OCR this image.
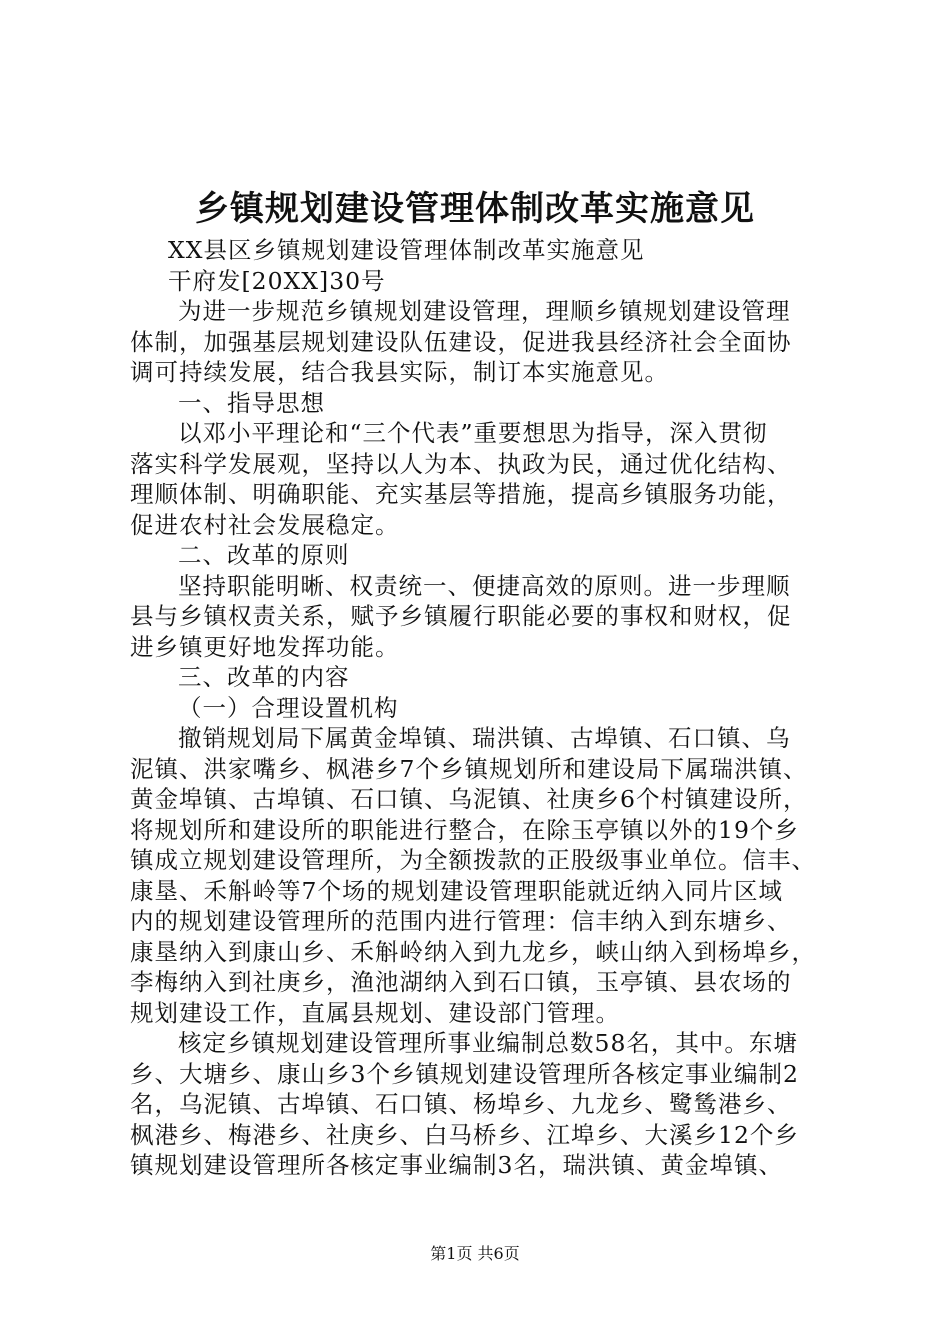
乡镇规划建设管理体制改革实施意见
XX县区乡镇规划建设管理体制改革实施意见
干府发[20XX]30号
为进一步规范乡镇规划建设管理，理顺乡镇规划建设管理
体制，加强基层规划建设队伍建设，促进我县经济社会全面协
调可持续发展，结合我县实际，制订本实施意见。
一、指导思想
以邓小平理论和“三个代表”重要想思为指导，深入贯彻
落实科学发展观，坚持以人为本、执政为民，通过优化结构、
理顺体制、明确职能、充实基层等措施，提高乡镇服务功能，
促进农村社会发展稳定。
二、改革的原则
坚持职能明晰、权责统一、便捷高效的原则。进一步理顺
县与乡镇权责关系，赋予乡镇履行职能必要的事权和财权，促
进乡镇更好地发挥功能。
三、改革的内容
（一）合理设置机构
撤销规划局下属黄金埠镇、瑞洪镇、古埠镇、石口镇、乌
泥镇、洪家嘴乡、枫港乡7个乡镇规划所和建设局下属瑞洪镇、
黄金埠镇、古埠镇、石口镇、乌泥镇、社庚乡6个村镇建设所，
将规划所和建设所的职能进行整合，在除玉亭镇以外的19个乡
镇成立规划建设管理所，为全额拨款的正股级事业单位。信丰、
康垦、禾斛岭等7个场的规划建设管理职能就近纳入同片区域
内的规划建设管理所的范围内进行管理：信丰纳入到东塘乡、
康垦纳入到康山乡、禾斛岭纳入到九龙乡，峡山纳入到杨埠乡，
李梅纳入到社庚乡，渔池湖纳入到石口镇，玉亭镇、县农场的
规划建设工作，直属县规划、建设部门管理。
核定乡镇规划建设管理所事业编制总数58名，其中。东塘
乡、大塘乡、康山乡3个乡镇规划建设管理所各核定事业编制2
名，乌泥镇、古埠镇、石口镇、杨埠乡、九龙乡、鹭鸶港乡、
枫港乡、梅港乡、社庚乡、白马桥乡、江埠乡、大溪乡12个乡
镇规划建设管理所各核定事业编制3名，瑞洪镇、黄金埠镇、
第1页 共6页
